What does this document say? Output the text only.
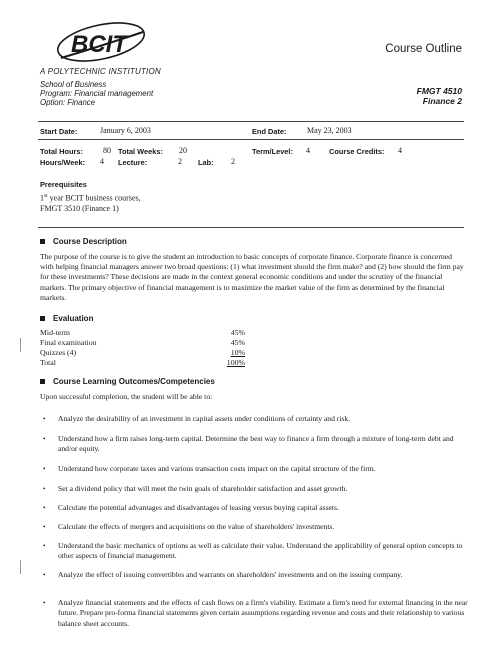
BCIT
A POLYTECHNIC INSTITUTION
Course Outline
School of Business
Program: Financial management
Option: Finance
FMGT 4510
Finance 2
Start Date:	January 6, 2003	End Date:	May 23, 2003
Total Hours:	80 Total Weeks: 20	Term/Level: 4	Course Credits: 4
Hours/Week: 4 Lecture:	2 Lab: 2
Prerequisites
1st year BCIT business courses,
FMGT 3510 (Finance 1)
Course Description
The purpose of the course is to give the student an introduction to basic concepts of corporate finance. Corporate finance is concerned with helping financial managers answer two broad questions: (1) what investment should the firm make? and (2) how should the firm pay for these investments? These decisions are made in the context general economic conditions and under the scrutiny of the financial markets. The primary objective of financial management is to maximize the market value of the firm as determined by the financial markets.
Evaluation
Mid-term	45%
Final examination	45%
Quizzes (4)	10%
Total	100%
Course Learning Outcomes/Competencies
Upon successful completion, the student will be able to:
• Analyze the desirability of an investment in capital assets under conditions of certainty and risk.
• Understand how a firm raises long-term capital. Determine the best way to finance a firm through a mixture of long-term debt and and/or equity.
• Understand how corporate taxes and various transaction costs impact on the capital structure of the firm.
• Set a dividend policy that will meet the twin goals of shareholder satisfaction and asset growth.
• Calculate the potential advantages and disadvantages of leasing versus buying capital assets.
• Calculate the effects of mergers and acquisitions on the value of shareholders' investments.
• Understand the basic mechanics of options as well as calculate their value. Understand the applicability of general option concepts to other aspects of financial management.
• Analyze the effect of issuing convertibles and warrants on shareholders' investments and on the issuing company.
• Analyze financial statements and the effects of cash flows on a firm's viability. Estimate a firm's need for external financing in the near future. Prepare pro-forma financial statements given certain assumptions regarding revenue and costs and their relationship to various balance sheet accounts.
